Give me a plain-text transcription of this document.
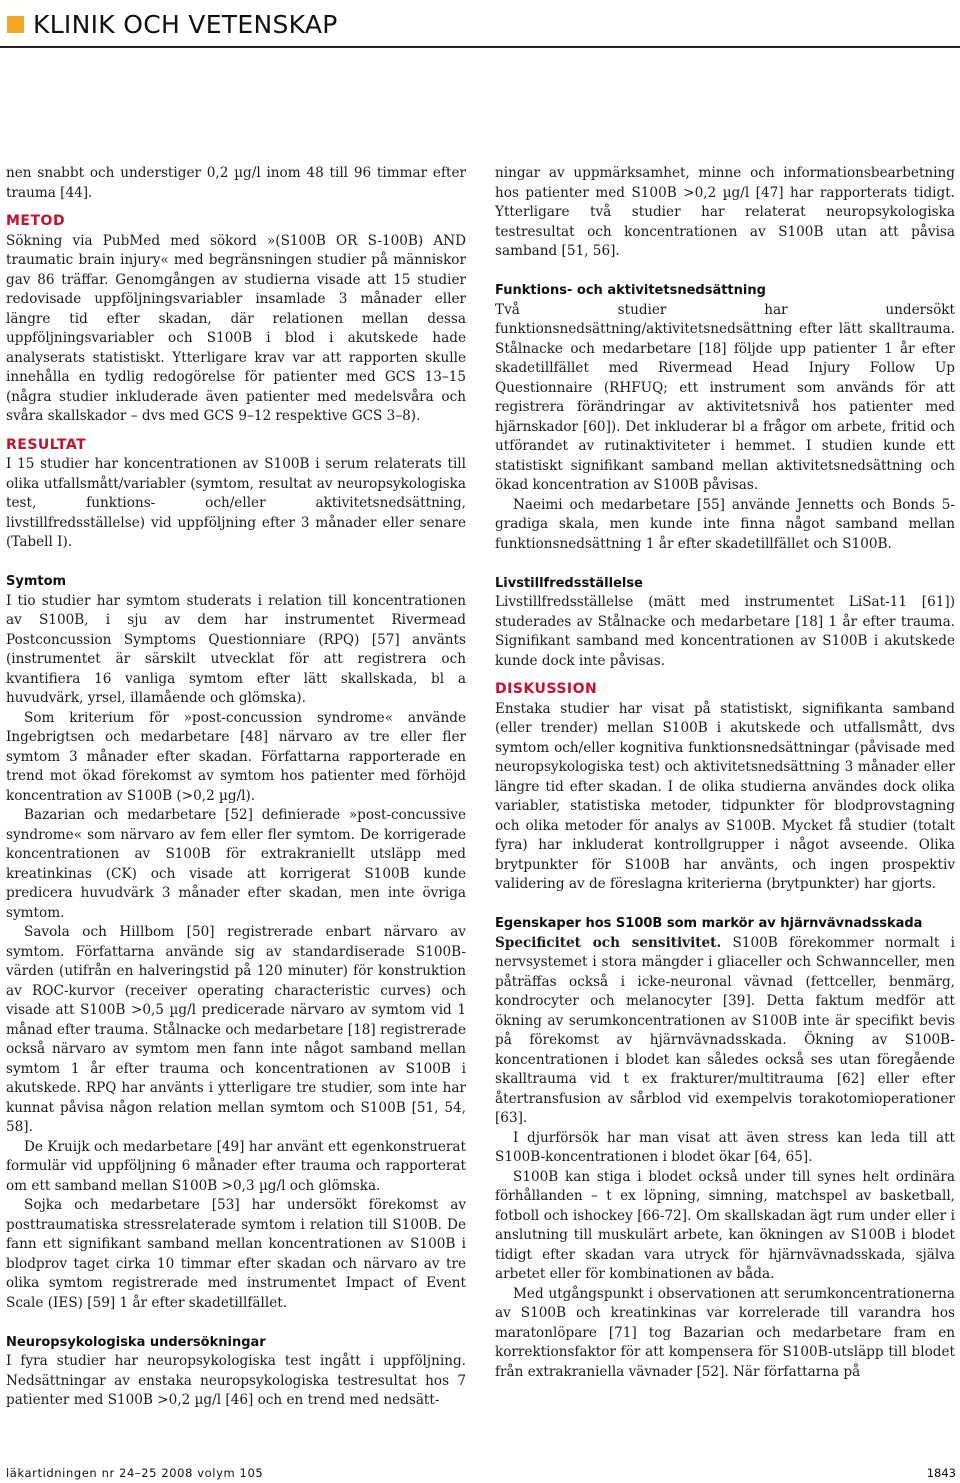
KLINIK OCH VETENSKAP

nen snabbt och understiger 0,2 µg/l inom 48 till 96 timmar efter trauma [44].

METOD

Sökning via PubMed med sökord »(S100B OR S-100B) AND traumatic brain injury« med begränsningen studier på människor gav 86 träffar. Genomgången av studierna visade att 15 studier redovisade uppföljningsvariabler insamlade 3 månader eller längre tid efter skadan, där relationen mellan dessa uppföljningsvariabler och S100B i blod i akutskede hade analyserats statistiskt. Ytterligare krav var att rapporten skulle innehålla en tydlig redogörelse för patienter med GCS 13–15 (några studier inkluderade även patienter med medelsvåra och svåra skallskador – dvs med GCS 9–12 respektive GCS 3–8).

RESULTAT

I 15 studier har koncentrationen av S100B i serum relaterats till olika utfallsmått/variabler (symtom, resultat av neuropsykologiska test, funktions- och/eller aktivitetsnedsättning, livstillfredsställelse) vid uppföljning efter 3 månader eller senare (Tabell I).

Symtom

I tio studier har symtom studerats i relation till koncentrationen av S100B, i sju av dem har instrumentet Rivermead Postconcussion Symptoms Questionniare (RPQ) [57] använts (instrumentet är särskilt utvecklat för att registrera och kvantifiera 16 vanliga symtom efter lätt skallskada, bl a huvudvärk, yrsel, illamående och glömska).

Som kriterium för »post-concussion syndrome« använde Ingebrigtsen och medarbetare [48] närvaro av tre eller fler symtom 3 månader efter skadan. Författarna rapporterade en trend mot ökad förekomst av symtom hos patienter med förhöjd koncentration av S100B (>0,2 µg/l).

Bazarian och medarbetare [52] definierade »post-concussive syndrome« som närvaro av fem eller fler symtom. De korrigerade koncentrationen av S100B för extrakraniellt utsläpp med kreatinkinas (CK) och visade att korrigerat S100B kunde predicera huvudvärk 3 månader efter skadan, men inte övriga symtom.

Savola och Hillbom [50] registrerade enbart närvaro av symtom. Författarna använde sig av standardiserade S100B-värden (utifrån en halveringstid på 120 minuter) för konstruktion av ROC-kurvor (receiver operating characteristic curves) och visade att S100B >0,5 µg/l predicerade närvaro av symtom vid 1 månad efter trauma. Stålnacke och medarbetare [18] registrerade också närvaro av symtom men fann inte något samband mellan symtom 1 år efter trauma och koncentrationen av S100B i akutskede. RPQ har använts i ytterligare tre studier, som inte har kunnat påvisa någon relation mellan symtom och S100B [51, 54, 58].

De Kruijk och medarbetare [49] har använt ett egenkonstruerat formulär vid uppföljning 6 månader efter trauma och rapporterat om ett samband mellan S100B >0,3 µg/l och glömska.

Sojka och medarbetare [53] har undersökt förekomst av posttraumatiska stressrelaterade symtom i relation till S100B. De fann ett signifikant samband mellan koncentrationen av S100B i blodprov taget cirka 10 timmar efter skadan och närvaro av tre olika symtom registrerade med instrumentet Impact of Event Scale (IES) [59] 1 år efter skadetillfället.

Neuropsykologiska undersökningar

I fyra studier har neuropsykologiska test ingått i uppföljning. Nedsättningar av enstaka neuropsykologiska testresultat hos 7 patienter med S100B >0,2 µg/l [46] och en trend med nedsätt-

ningar av uppmärksamhet, minne och informationsbearbetning hos patienter med S100B >0,2 µg/l [47] har rapporterats tidigt. Ytterligare två studier har relaterat neuropsykologiska testresultat och koncentrationen av S100B utan att påvisa samband [51, 56].

Funktions- och aktivitetsnedsättning

Två studier har undersökt funktionsnedsättning/aktivitetsnedsättning efter lätt skalltrauma. Stålnacke och medarbetare [18] följde upp patienter 1 år efter skadetillfället med Rivermead Head Injury Follow Up Questionnaire (RHFUQ; ett instrument som används för att registrera förändringar av aktivitetsnivå hos patienter med hjärnskador [60]). Det inkluderar bl a frågor om arbete, fritid och utförandet av rutinaktiviteter i hemmet. I studien kunde ett statistiskt signifikant samband mellan aktivitetsnedsättning och ökad koncentration av S100B påvisas.

Naeimi och medarbetare [55] använde Jennetts och Bonds 5-gradiga skala, men kunde inte finna något samband mellan funktionsnedsättning 1 år efter skadetillfället och S100B.

Livstillfredsställelse

Livstillfredsställelse (mätt med instrumentet LiSat-11 [61]) studerades av Stålnacke och medarbetare [18] 1 år efter trauma. Signifikant samband med koncentrationen av S100B i akutskede kunde dock inte påvisas.

DISKUSSION

Enstaka studier har visat på statistiskt, signifikanta samband (eller trender) mellan S100B i akutskede och utfallsmått, dvs symtom och/eller kognitiva funktionsnedsättningar (påvisade med neuropsykologiska test) och aktivitetsnedsättning 3 månader eller längre tid efter skadan. I de olika studierna användes dock olika variabler, statistiska metoder, tidpunkter för blodprovstagning och olika metoder för analys av S100B. Mycket få studier (totalt fyra) har inkluderat kontrollgrupper i något avseende. Olika brytpunkter för S100B har använts, och ingen prospektiv validering av de föreslagna kriterierna (brytpunkter) har gjorts.

Egenskaper hos S100B som markör av hjärnvävnadsskada

Specificitet och sensitivitet. S100B förekommer normalt i nervsystemet i stora mängder i gliaceller och Schwannceller, men påträffas också i icke-neuronal vävnad (fettceller, benmärg, kondrocyter och melanocyter [39]. Detta faktum medför att ökning av serumkoncentrationen av S100B inte är specifikt bevis på förekomst av hjärnvävnadsskada. Ökning av S100B-koncentrationen i blodet kan således också ses utan föregående skalltrauma vid t ex frakturer/multitrauma [62] eller efter återtransfusion av sårblod vid exempelvis torakotomioperationer [63].

I djurförsök har man visat att även stress kan leda till att S100B-koncentrationen i blodet ökar [64, 65].

S100B kan stiga i blodet också under till synes helt ordinära förhållanden – t ex löpning, simning, matchspel av basketball, fotboll och ishockey [66-72]. Om skallskadan ägt rum under eller i anslutning till muskulärt arbete, kan ökningen av S100B i blodet tidigt efter skadan vara utryck för hjärnvävnadsskada, själva arbetet eller för kombinationen av båda.

Med utgångspunkt i observationen att serumkoncentrationerna av S100B och kreatinkinas var korrelerade till varandra hos maratonlöpare [71] tog Bazarian och medarbetare fram en korrektionsfaktor för att kompensera för S100B-utsläpp till blodet från extrakraniella vävnader [52]. När författarna på

läkartidningen nr 24–25 2008 volym 105	1843
